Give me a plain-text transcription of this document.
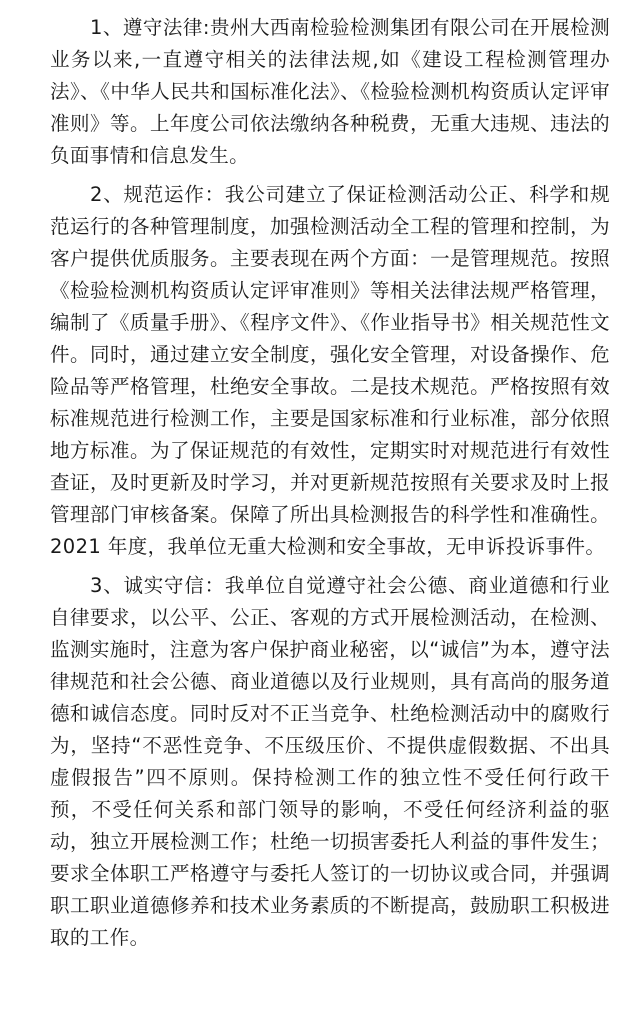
1、遵守法律:贵州大西南检验检测集团有限公司在开展检测业务以来,一直遵守相关的法律法规,如《建设工程检测管理办法》、《中华人民共和国标准化法》、《检验检测机构资质认定评审准则》等。上年度公司依法缴纳各种税费，无重大违规、违法的负面事情和信息发生。

2、规范运作：我公司建立了保证检测活动公正、科学和规范运行的各种管理制度，加强检测活动全工程的管理和控制，为客户提供优质服务。主要表现在两个方面：一是管理规范。按照《检验检测机构资质认定评审准则》等相关法律法规严格管理，编制了《质量手册》、《程序文件》、《作业指导书》相关规范性文件。同时，通过建立安全制度，强化安全管理，对设备操作、危险品等严格管理，杜绝安全事故。二是技术规范。严格按照有效标准规范进行检测工作，主要是国家标准和行业标准，部分依照地方标准。为了保证规范的有效性，定期实时对规范进行有效性查证，及时更新及时学习，并对更新规范按照有关要求及时上报管理部门审核备案。保障了所出具检测报告的科学性和准确性。2021 年度，我单位无重大检测和安全事故，无申诉投诉事件。

3、诚实守信：我单位自觉遵守社会公德、商业道德和行业自律要求，以公平、公正、客观的方式开展检测活动，在检测、监测实施时，注意为客户保护商业秘密，以“诚信”为本，遵守法律规范和社会公德、商业道德以及行业规则，具有高尚的服务道德和诚信态度。同时反对不正当竞争、杜绝检测活动中的腐败行为，坚持“不恶性竞争、不压级压价、不提供虚假数据、不出具虚假报告”四不原则。保持检测工作的独立性不受任何行政干预，不受任何关系和部门领导的影响，不受任何经济利益的驱动，独立开展检测工作；杜绝一切损害委托人利益的事件发生；要求全体职工严格遵守与委托人签订的一切协议或合同，并强调职工职业道德修养和技术业务素质的不断提高，鼓励职工积极进取的工作。
